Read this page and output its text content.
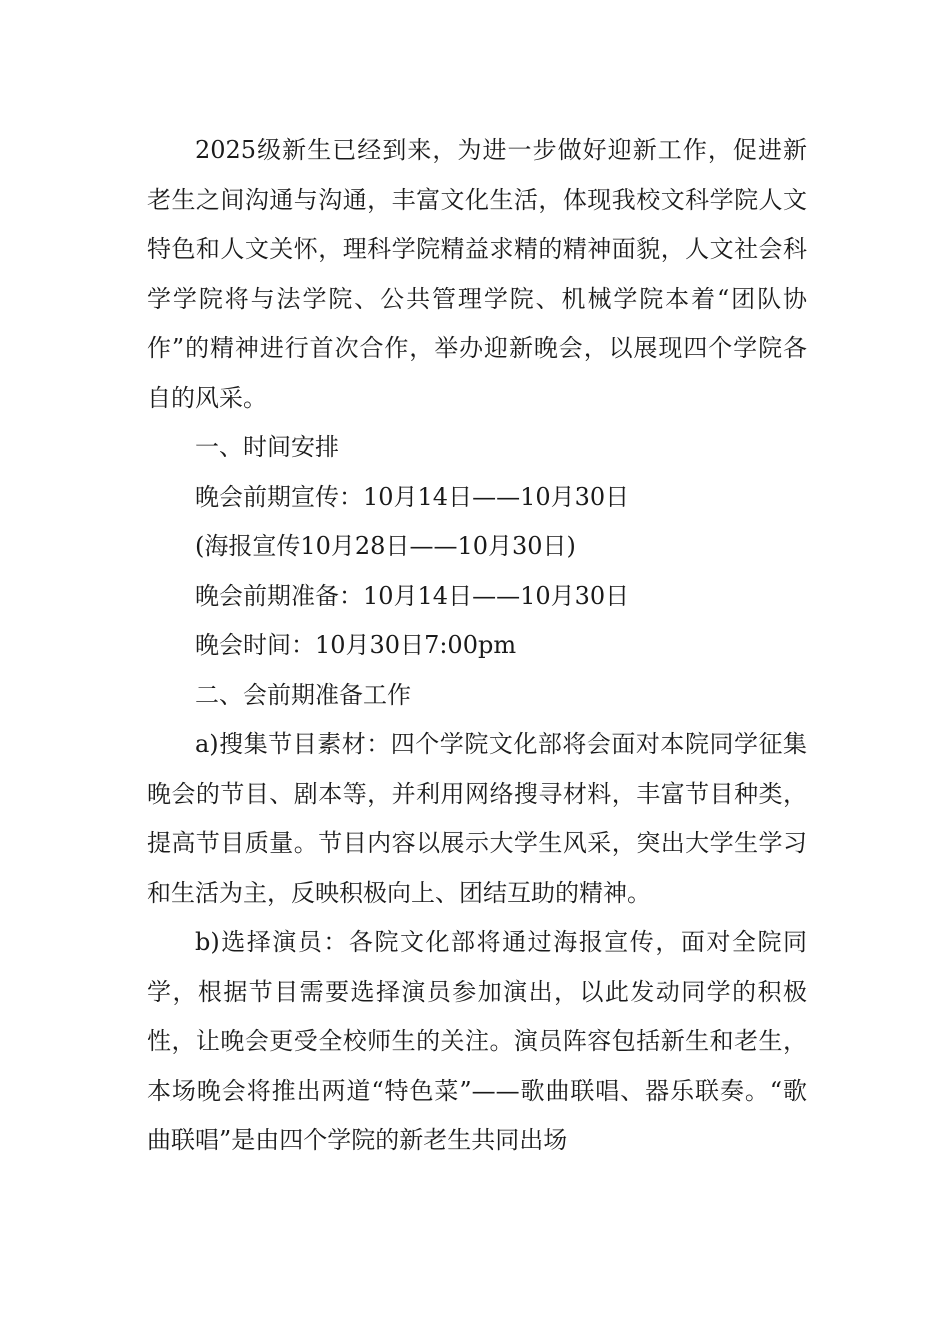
2025级新生已经到来，为进一步做好迎新工作，促进新老生之间沟通与沟通，丰富文化生活，体现我校文科学院人文特色和人文关怀，理科学院精益求精的精神面貌，人文社会科学学院将与法学院、公共管理学院、机械学院本着“团队协作”的精神进行首次合作，举办迎新晚会，以展现四个学院各自的风采。

一、时间安排

晚会前期宣传：10月14日——10月30日

(海报宣传10月28日——10月30日)

晚会前期准备：10月14日——10月30日

晚会时间：10月30日7:00pm

二、会前期准备工作

a)搜集节目素材：四个学院文化部将会面对本院同学征集晚会的节目、剧本等，并利用网络搜寻材料，丰富节目种类，提高节目质量。节目内容以展示大学生风采，突出大学生学习和生活为主，反映积极向上、团结互助的精神。

b)选择演员：各院文化部将通过海报宣传，面对全院同学，根据节目需要选择演员参加演出，以此发动同学的积极性，让晚会更受全校师生的关注。演员阵容包括新生和老生，本场晚会将推出两道“特色菜”——歌曲联唱、器乐联奏。“歌曲联唱”是由四个学院的新老生共同出场
